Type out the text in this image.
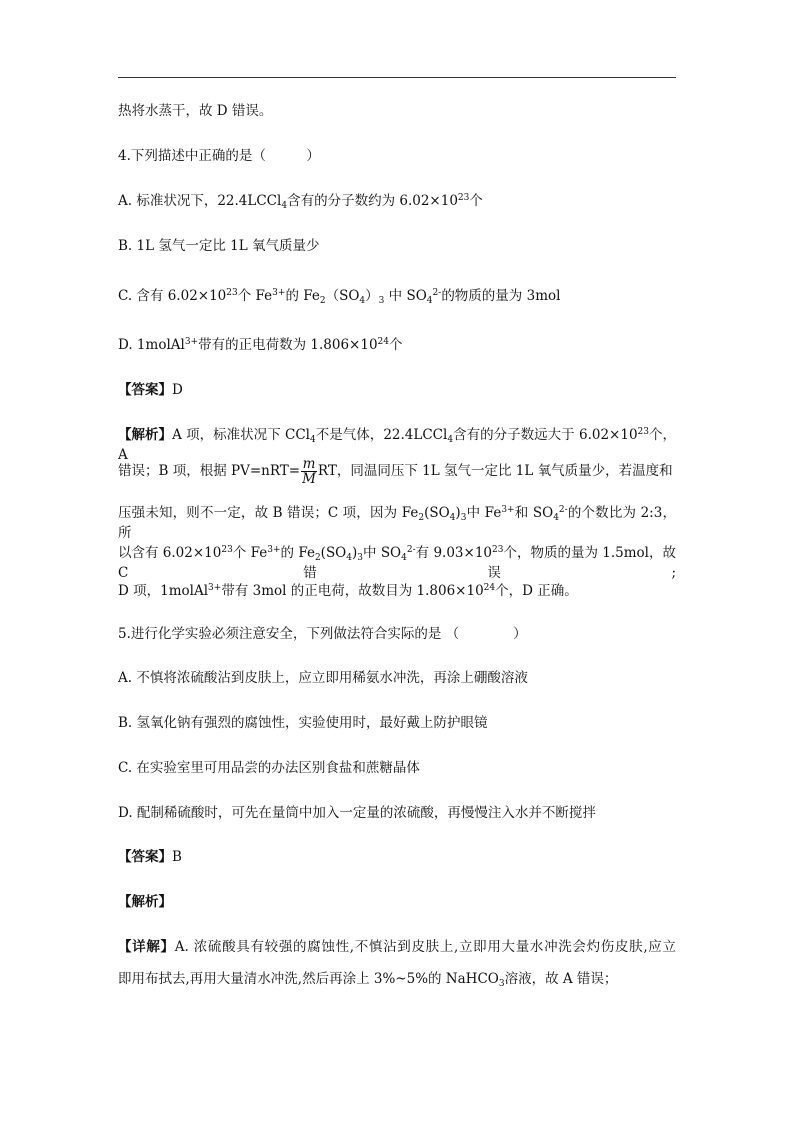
热将水蒸干，故 D 错误。
4.下列描述中正确的是（　　　）
A. 标准状况下，22.4LCCl$_4$含有的分子数约为 $6.02\times 10^{23}$个
B. 1L 氢气一定比 1L 氧气质量少
C. 含有 $6.02\times 10^{23}$个 $Fe^{3+}$的 $Fe_2(SO_4)_3$ 中 $SO_4^{2-}$的物质的量为 3mol
D. 1molAl$^{3+}$带有的正电荷数为 $1.806\times 10^{24}$个
【答案】D
【解析】A 项，标准状况下 CCl$_4$不是气体，22.4LCCl$_4$含有的分子数远大于 $6.02\times 10^{23}$个，A
错误；B 项，根据 $PV=nRT= \frac{m}{M}$ RT，同温同压下 1L 氢气一定比 1L 氧气质量少，若温度和
压强未知，则不一定，故 B 错误；C 项，因为 $Fe_2(SO_4)_3$中 $Fe^{3+}$和 $SO_4^{2-}$的个数比为 2:3，所
以含有 $6.02\times 10^{23}$个 $Fe^{3+}$的 $Fe_2(SO_4)_3$中 $SO_4^{2-}$有 $9.03\times 10^{23}$个，物质的量为 1.5mol，故 C 错误;
D 项，1molAl$^{3+}$带有 3mol 的正电荷，故数目为 $1.806\times 10^{24}$个，D 正确。
5.进行化学实验必须注意安全，下列做法符合实际的是 （　　　　）
A. 不慎将浓硫酸沾到皮肤上，应立即用稀氨水冲洗，再涂上硼酸溶液
B. 氢氧化钠有强烈的腐蚀性，实验使用时，最好戴上防护眼镜
C. 在实验室里可用品尝的办法区别食盐和蔗糖晶体
D. 配制稀硫酸时，可先在量筒中加入一定量的浓硫酸，再慢慢注入水并不断搅拌
【答案】B
【解析】
【详解】A. 浓硫酸具有较强的腐蚀性,不慎沾到皮肤上,立即用大量水冲洗会灼伤皮肤,应立
即用布拭去,再用大量清水冲洗,然后再涂上 3%~5%的 NaHCO$_3$溶液，故 A 错误；
